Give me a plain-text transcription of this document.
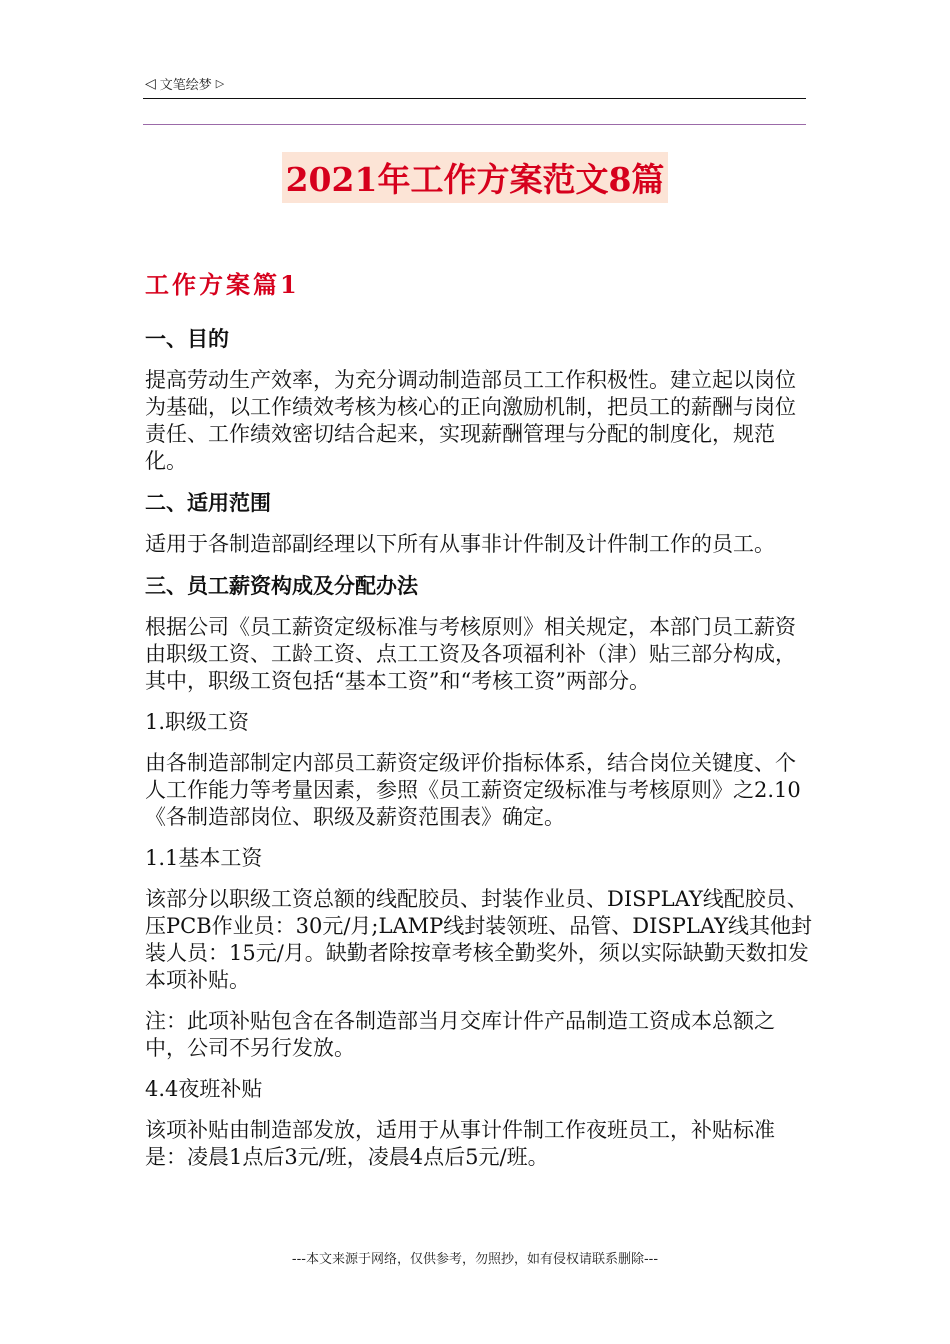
◁ 文笔绘梦 ▷
2021年工作方案范文8篇
工作方案篇1
一、目的
提高劳动生产效率，为充分调动制造部员工工作积极性。建立起以岗位为基础，以工作绩效考核为核心的正向激励机制，把员工的薪酬与岗位责任、工作绩效密切结合起来，实现薪酬管理与分配的制度化，规范化。
二、适用范围
适用于各制造部副经理以下所有从事非计件制及计件制工作的员工。
三、员工薪资构成及分配办法
根据公司《员工薪资定级标准与考核原则》相关规定，本部门员工薪资由职级工资、工龄工资、点工工资及各项福利补（津）贴三部分构成，其中，职级工资包括“基本工资”和“考核工资”两部分。
1.职级工资
由各制造部制定内部员工薪资定级评价指标体系，结合岗位关键度、个人工作能力等考量因素，参照《员工薪资定级标准与考核原则》之2.10《各制造部岗位、职级及薪资范围表》确定。
1.1基本工资
该部分以职级工资总额的线配胶员、封装作业员、DISPLAY线配胶员、压PCB作业员：30元/月;LAMP线封装领班、品管、DISPLAY线其他封装人员：15元/月。缺勤者除按章考核全勤奖外，须以实际缺勤天数扣发本项补贴。
注：此项补贴包含在各制造部当月交库计件产品制造工资成本总额之中，公司不另行发放。
4.4夜班补贴
该项补贴由制造部发放，适用于从事计件制工作夜班员工，补贴标准是：凌晨1点后3元/班，凌晨4点后5元/班。
---本文来源于网络，仅供参考，勿照抄，如有侵权请联系删除---
